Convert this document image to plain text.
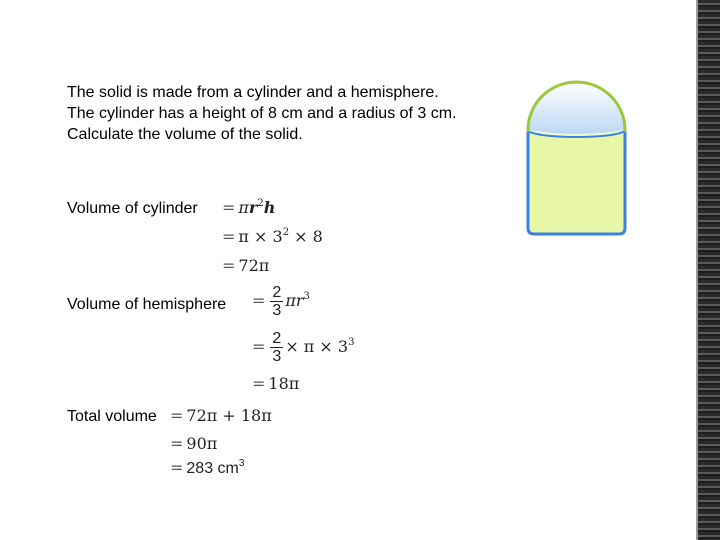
The solid is made from a cylinder and a hemisphere.
The cylinder has a height of 8 cm and a radius of 3 cm.
Calculate the volume of the solid.
Volume of cylinder = $\pi r^2h$
= $\pi \times 3^2 \times 8$
= 72π
Volume of hemisphere = $\frac{2}{3} \pi r^3$
= $\frac{2}{3} \times \pi \times 3^3$
= 18π
Total volume = 72π + 18π
= 90π
= 283 $cm^3$
